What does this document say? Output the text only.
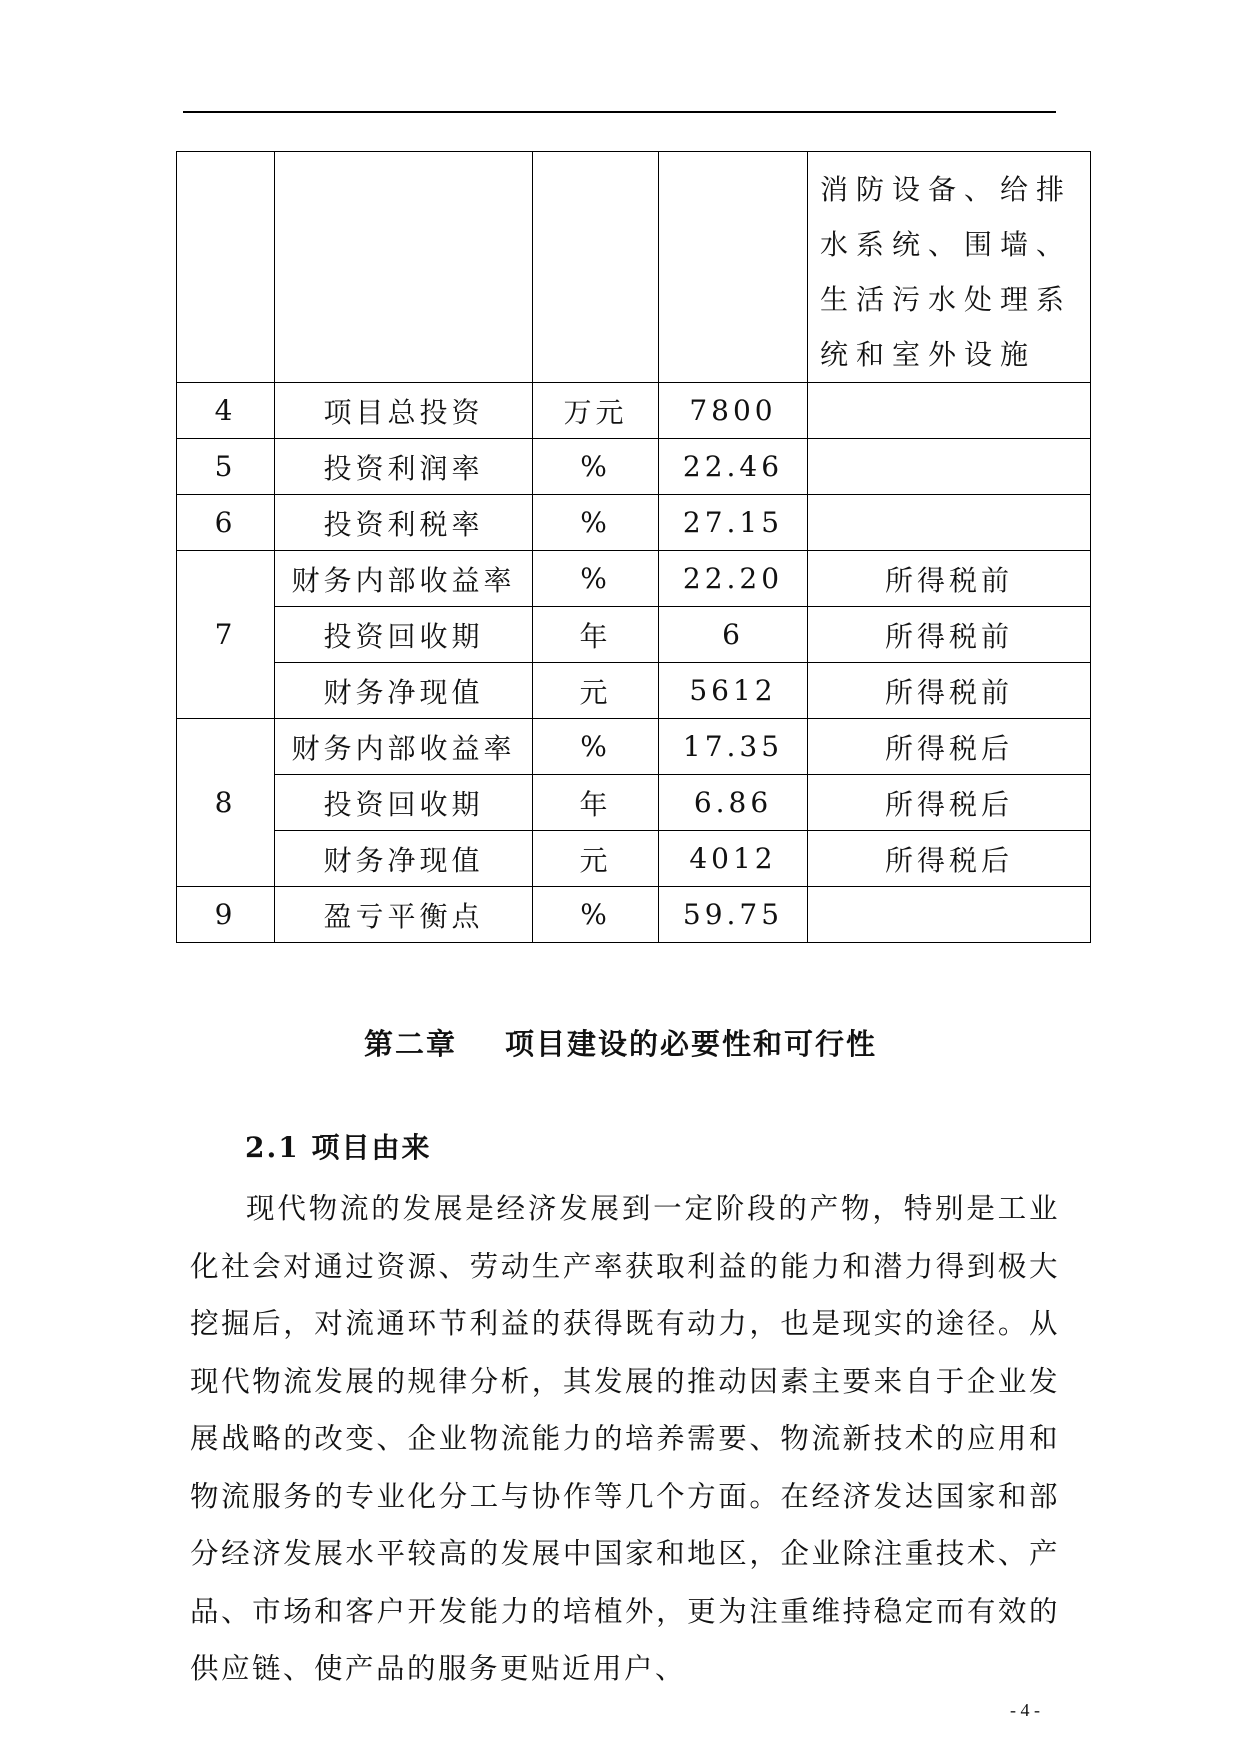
				消防设备、给排水系统、围墙、生活污水处理系统和室外设施
4	项目总投资	万元	7800	
5	投资利润率	%	22.46	
6	投资利税率	%	27.15	
7	财务内部收益率	%	22.20	所得税前
	投资回收期	年	6	所得税前
	财务净现值	元	5612	所得税前
8	财务内部收益率	%	17.35	所得税后
	投资回收期	年	6.86	所得税后
	财务净现值	元	4012	所得税后
9	盈亏平衡点	%	59.75	
第二章 项目建设的必要性和可行性
2.1 项目由来

现代物流的发展是经济发展到一定阶段的产物，特别是工业化社会对通过资源、劳动生产率获取利益的能力和潜力得到极大挖掘后，对流通环节利益的获得既有动力，也是现实的途径。从现代物流发展的规律分析，其发展的推动因素主要来自于企业发展战略的改变、企业物流能力的培养需要、物流新技术的应用和物流服务的专业化分工与协作等几个方面。在经济发达国家和部分经济发展水平较高的发展中国家和地区，企业除注重技术、产品、市场和客户开发能力的培植外，更为注重维持稳定而有效的供应链、使产品的服务更贴近用户、

- 4 -
